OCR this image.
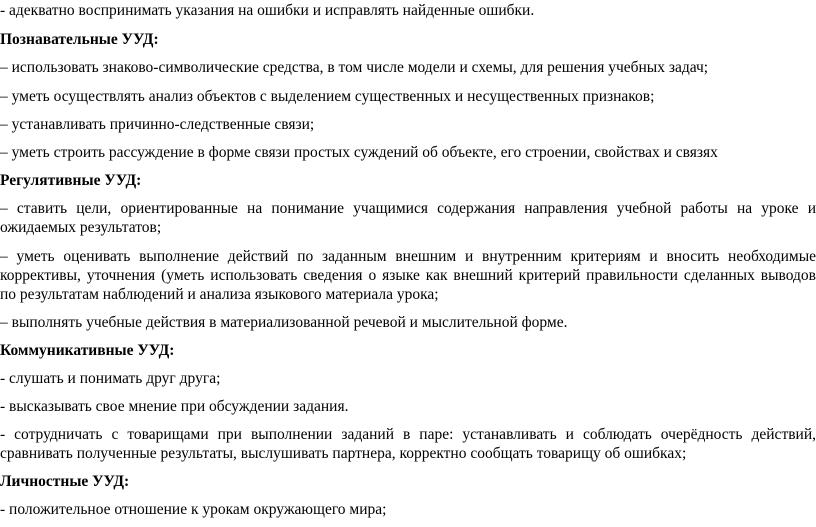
- адекватно воспринимать указания на ошибки и исправлять найденные ошибки.
Познавательные УУД:
– использовать знаково-символические средства, в том числе модели и схемы, для решения учебных задач;
– уметь осуществлять анализ объектов с выделением существенных и несущественных признаков;
– устанавливать причинно-следственные связи;
– уметь строить рассуждение в форме связи простых суждений об объекте, его строении, свойствах и связях
Регулятивные УУД:
– ставить цели, ориентированные на понимание учащимися содержания направления учебной работы на уроке и
ожидаемых результатов;
– уметь оценивать выполнение действий по заданным внешним и внутренним критериям и вносить необходимые
коррективы, уточнения (уметь использовать сведения о языке как внешний критерий правильности сделанных выводов
по результатам наблюдений и анализа языкового материала урока;
– выполнять учебные действия в материализованной речевой и мыслительной форме.
Коммуникативные УУД:
- слушать и понимать друг друга;
- высказывать свое мнение при обсуждении задания.
- сотрудничать с товарищами при выполнении заданий в паре: устанавливать и соблюдать очерёдность действий,
сравнивать полученные результаты, выслушивать партнера, корректно сообщать товарищу об ошибках;
Личностные УУД:
- положительное отношение к урокам окружающего мира;
